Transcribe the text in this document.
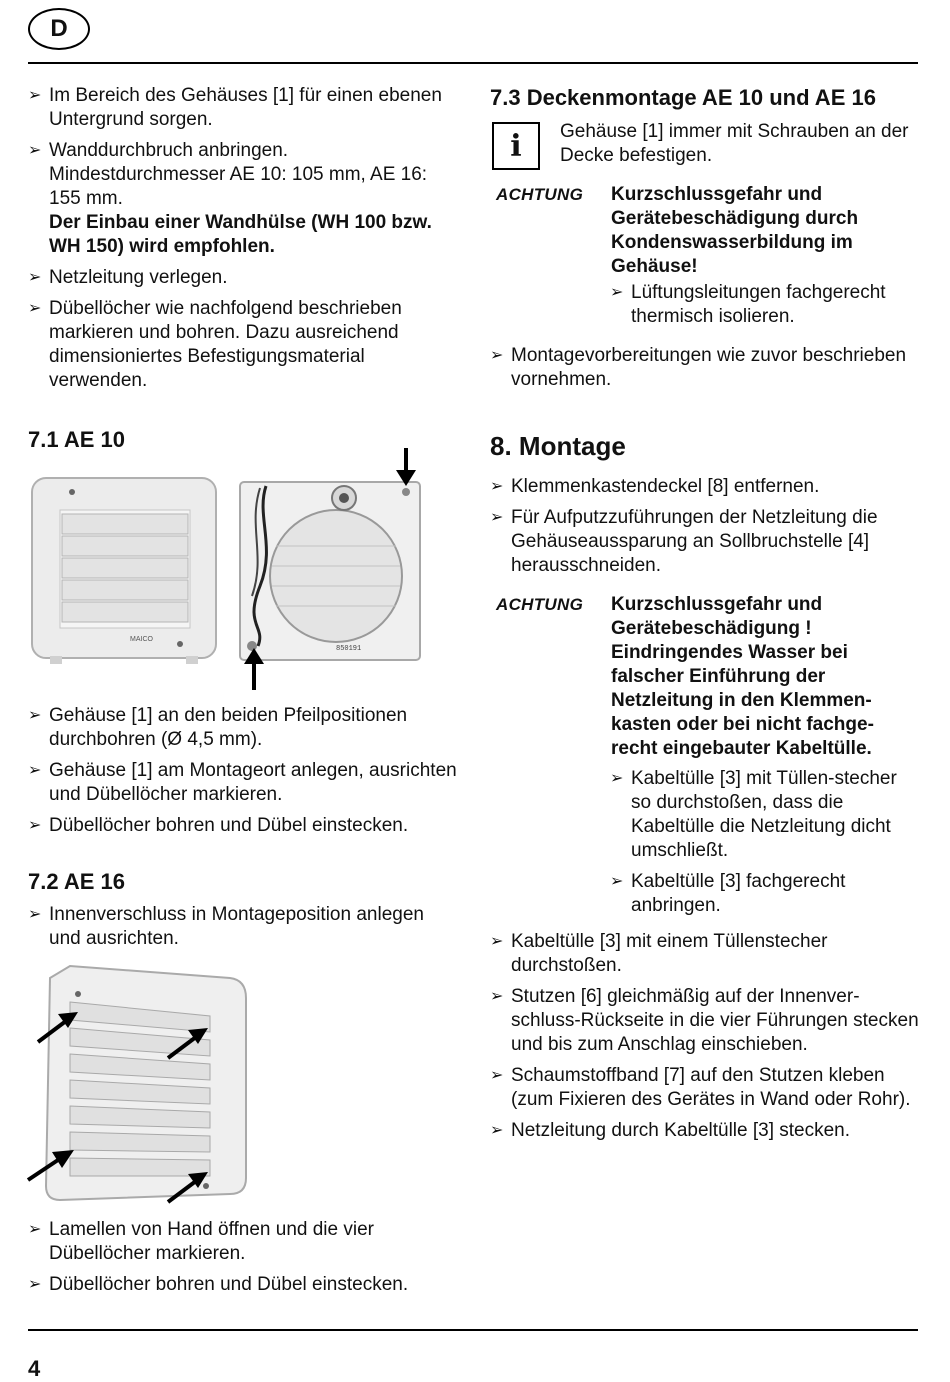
D
➢ Im Bereich des Gehäuses [1] für einen ebenen Untergrund sorgen.
➢ Wanddurchbruch anbringen. Mindestdurchmesser AE 10: 105 mm, AE 16: 155 mm.
Der Einbau einer Wandhülse (WH 100 bzw. WH 150) wird empfohlen.
➢ Netzleitung verlegen.
➢ Dübellöcher wie nachfolgend beschrieben markieren und bohren. Dazu ausreichend dimensioniertes Befestigungsmaterial verwenden.
7.1 AE 10
MAICO
850191
➢ Gehäuse [1] an den beiden Pfeilpositionen durchbohren (Ø 4,5 mm).
➢ Gehäuse [1] am Montageort anlegen, ausrichten und Dübellöcher markieren.
➢ Dübellöcher bohren und Dübel einstecken.
7.2 AE 16
➢ Innenverschluss in Montageposition anlegen und ausrichten.
➢ Lamellen von Hand öffnen und die vier Dübellöcher markieren.
➢ Dübellöcher bohren und Dübel einstecken.
7.3 Deckenmontage AE 10 und AE 16
i	Gehäuse [1] immer mit Schrauben an der Decke befestigen.
ACHTUNG Kurzschlussgefahr und Gerätebeschädigung durch Kondenswasserbildung im Gehäuse!
➢ Lüftungsleitungen fachgerecht thermisch isolieren.
➢ Montagevorbereitungen wie zuvor beschrieben vornehmen.
8. Montage
➢ Klemmenkastendeckel [8] entfernen.
➢ Für Aufputzzuführungen der Netzleitung die Gehäuseaussparung an Sollbruchstelle [4] herausschneiden.
ACHTUNG Kurzschlussgefahr und Gerätebeschädigung ! Eindringendes Wasser bei falscher Einführung der Netzleitung in den Klemmen-kasten oder bei nicht fachge-recht eingebauter Kabeltülle.
➢ Kabeltülle [3] mit Tüllen-stecher so durchstoßen, dass die Kabeltülle die Netzleitung dicht umschließt.
➢ Kabeltülle [3] fachgerecht anbringen.
➢ Kabeltülle [3] mit einem Tüllenstecher durchstoßen.
➢ Stutzen [6] gleichmäßig auf der Innenver-schluss-Rückseite in die vier Führungen stecken und bis zum Anschlag einschieben.
➢ Schaumstoffband [7] auf den Stutzen kleben (zum Fixieren des Gerätes in Wand oder Rohr).
➢ Netzleitung durch Kabeltülle [3] stecken.
4
